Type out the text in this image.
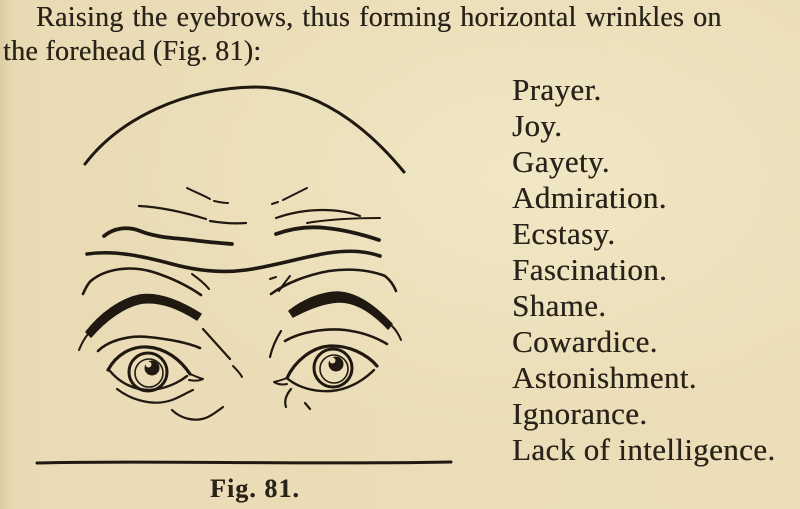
Raising the eyebrows, thus forming horizontal wrinkles on
the forehead (Fig. 81):
Prayer.
Joy.
Gayety.
Admiration.
Ecstasy.
Fascination.
Shame.
Cowardice.
Astonishment.
Ignorance.
Lack of intelligence.
Fig. 81.
